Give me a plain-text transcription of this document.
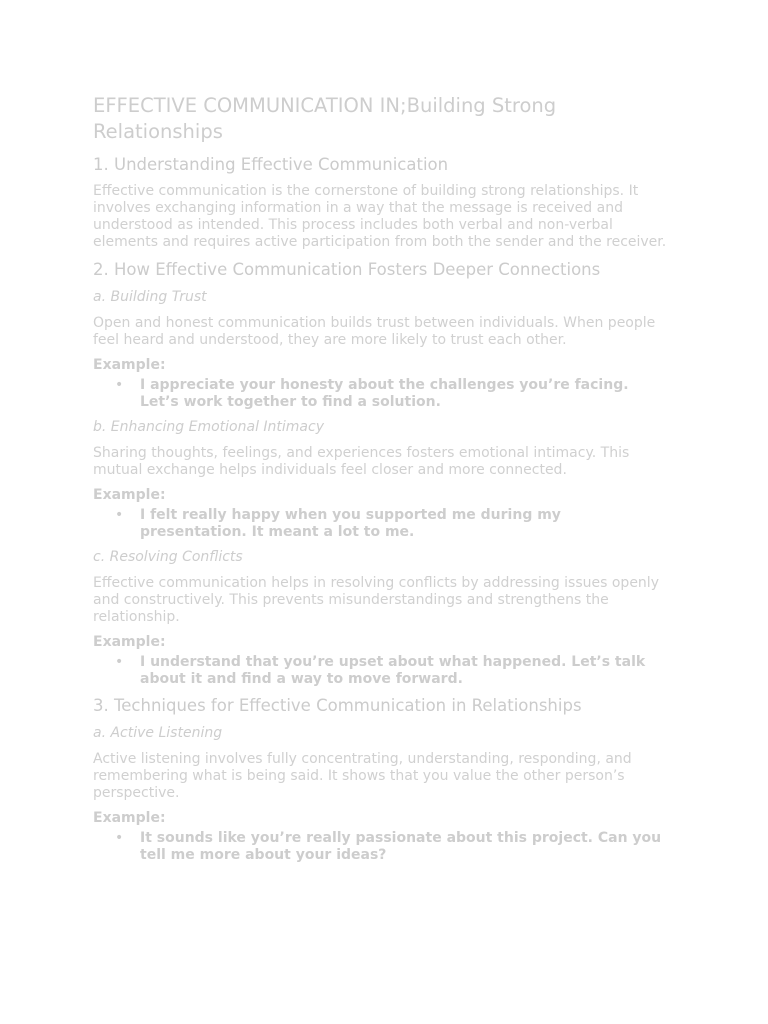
EFFECTIVE COMMUNICATION IN;Building Strong Relationships
1. Understanding Effective Communication

Effective communication is the cornerstone of building strong relationships. It involves exchanging information in a way that the message is received and understood as intended. This process includes both verbal and non-verbal elements and requires active participation from both the sender and the receiver.

2. How Effective Communication Fosters Deeper Connections
a. Building Trust

Open and honest communication builds trust between individuals. When people feel heard and understood, they are more likely to trust each other.

Example:
• I appreciate your honesty about the challenges you’re facing. Let’s work together to find a solution.
b. Enhancing Emotional Intimacy

Sharing thoughts, feelings, and experiences fosters emotional intimacy. This mutual exchange helps individuals feel closer and more connected.

Example:
• I felt really happy when you supported me during my presentation. It meant a lot to me.
c. Resolving Conflicts

Effective communication helps in resolving conflicts by addressing issues openly and constructively. This prevents misunderstandings and strengthens the relationship.

Example:
• I understand that you’re upset about what happened. Let’s talk about it and find a way to move forward.
3. Techniques for Effective Communication in Relationships
a. Active Listening

Active listening involves fully concentrating, understanding, responding, and remembering what is being said. It shows that you value the other person’s perspective.

Example:
• It sounds like you’re really passionate about this project. Can you tell me more about your ideas?
